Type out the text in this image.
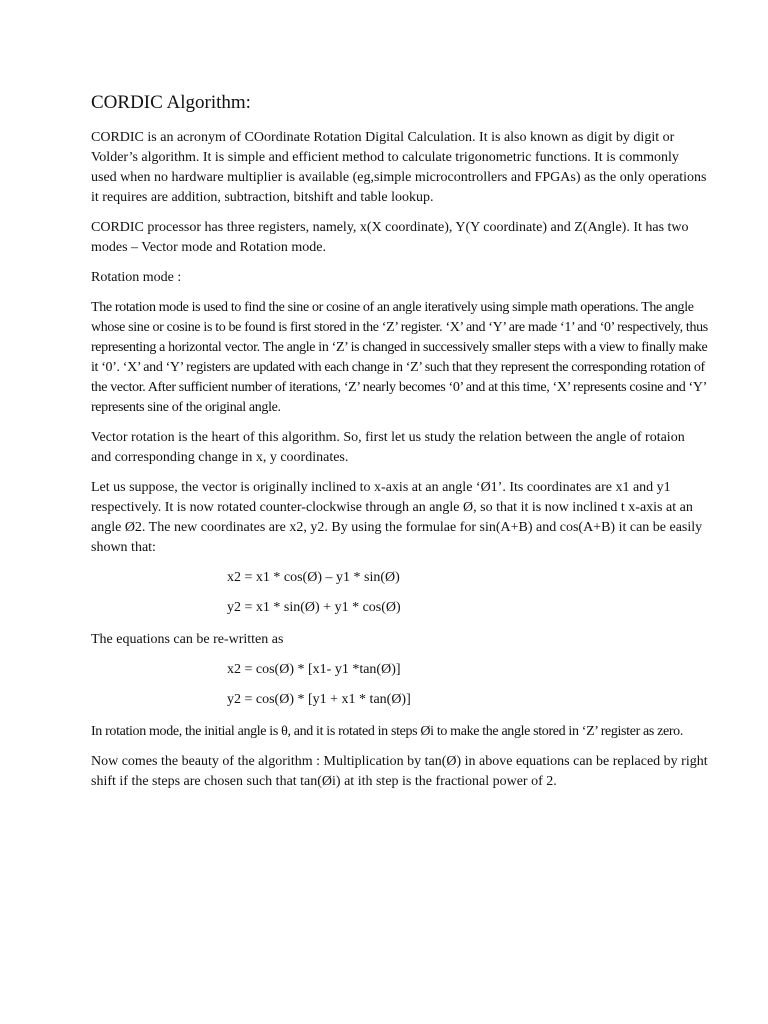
CORDIC Algorithm:

CORDIC is an acronym of COordinate Rotation Digital Calculation. It is also known as digit by digit or Volder’s algorithm. It is simple and efficient method to calculate trigonometric functions. It is commonly used when no hardware multiplier is available (eg,simple microcontrollers and FPGAs) as the only operations it requires are addition, subtraction, bitshift and table lookup.

CORDIC processor has three registers, namely, x(X coordinate), Y(Y coordinate) and Z(Angle). It has two modes – Vector mode and Rotation mode.

Rotation mode :

The rotation mode is used to find the sine or cosine of an angle iteratively using simple math operations. The angle whose sine or cosine is to be found is first stored in the ‘Z’ register. ‘X’ and ‘Y’ are made ‘1’ and ‘0’ respectively, thus representing a horizontal vector. The angle in ‘Z’ is changed in successively smaller steps with a view to finally make it ‘0’. ‘X’ and ‘Y’ registers are updated with each change in ‘Z’ such that they represent the corresponding rotation of the vector. After sufficient number of iterations, ‘Z’ nearly becomes ‘0’ and at this time, ‘X’ represents cosine and ‘Y’ represents sine of the original angle.

Vector rotation is the heart of this algorithm. So, first let us study the relation between the angle of rotaion and corresponding change in x, y coordinates.

Let us suppose, the vector is originally inclined to x-axis at an angle ‘Ø1’. Its coordinates are x1 and y1 respectively. It is now rotated counter-clockwise through an angle Ø, so that it is now inclined t x-axis at an angle Ø2. The new coordinates are x2, y2. By using the formulae for sin(A+B) and cos(A+B) it can be easily shown that:

x2 = x1 * cos(Ø) – y1 * sin(Ø)

y2 = x1 * sin(Ø) + y1 * cos(Ø)

The equations can be re-written as

x2 = cos(Ø) * [x1- y1 *tan(Ø)]

y2 = cos(Ø) * [y1 + x1 * tan(Ø)]

In rotation mode, the initial angle is θ, and it is rotated in steps Øi to make the angle stored in ‘Z’ register as zero.

Now comes the beauty of the algorithm : Multiplication by tan(Ø) in above equations can be replaced by right shift if the steps are chosen such that tan(Øi) at ith step is the fractional power of 2.
